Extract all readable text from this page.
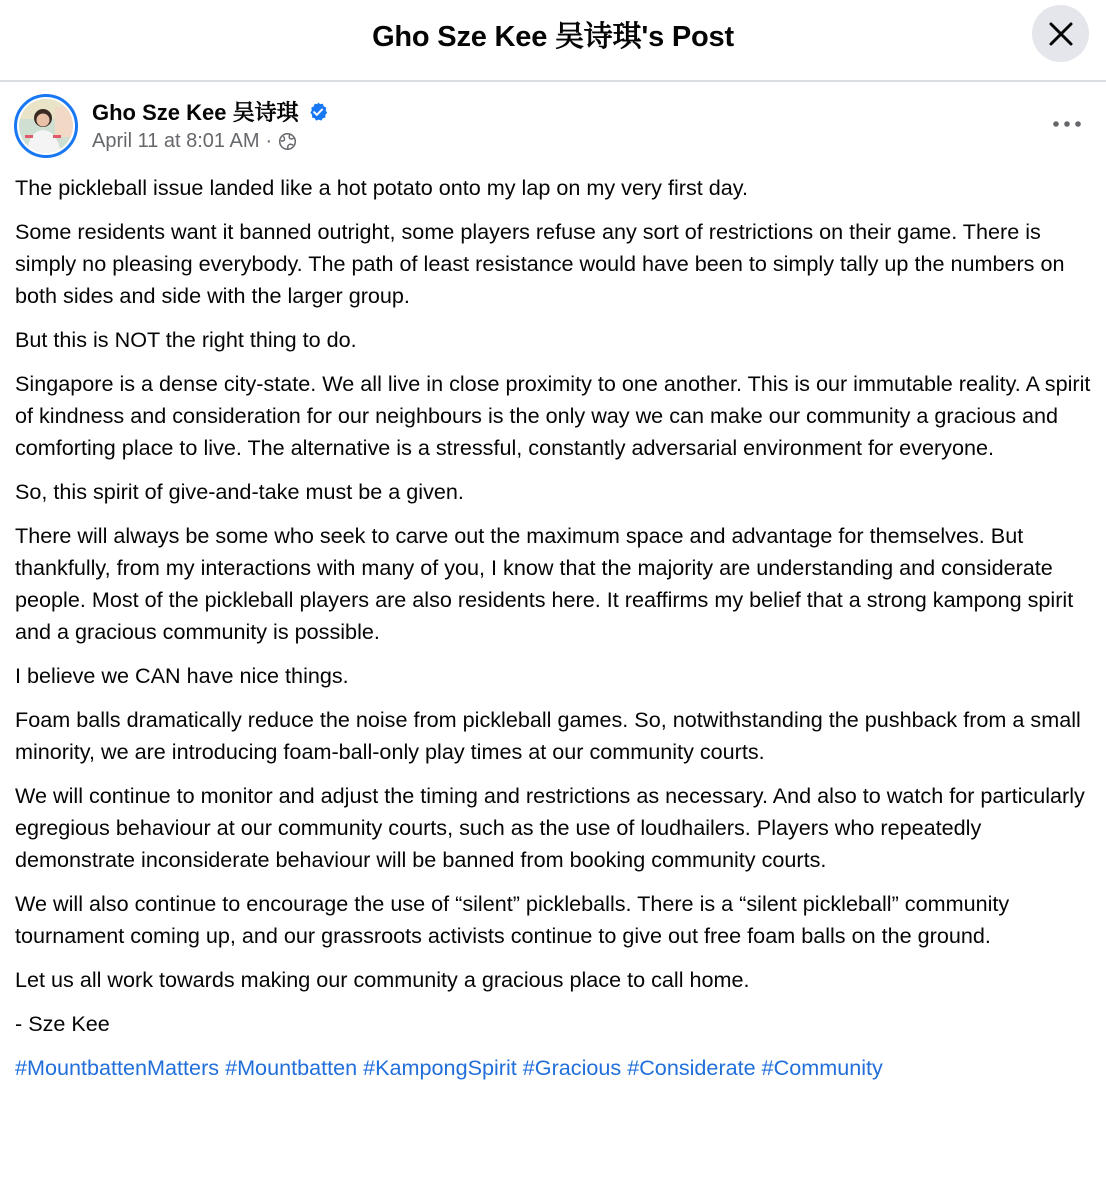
Gho Sze Kee 吴诗琪's Post
Gho Sze Kee 吴诗琪
April 11 at 8:01 AM ·

The pickleball issue landed like a hot potato onto my lap on my very first day.

Some residents want it banned outright, some players refuse any sort of restrictions on their game. There is simply no pleasing everybody. The path of least resistance would have been to simply tally up the numbers on both sides and side with the larger group.

But this is NOT the right thing to do.

Singapore is a dense city-state. We all live in close proximity to one another. This is our immutable reality. A spirit of kindness and consideration for our neighbours is the only way we can make our community a gracious and comforting place to live. The alternative is a stressful, constantly adversarial environment for everyone.

So, this spirit of give-and-take must be a given.

There will always be some who seek to carve out the maximum space and advantage for themselves. But thankfully, from my interactions with many of you, I know that the majority are understanding and considerate people. Most of the pickleball players are also residents here. It reaffirms my belief that a strong kampong spirit and a gracious community is possible.

I believe we CAN have nice things.

Foam balls dramatically reduce the noise from pickleball games. So, notwithstanding the pushback from a small minority, we are introducing foam-ball-only play times at our community courts.

We will continue to monitor and adjust the timing and restrictions as necessary. And also to watch for particularly egregious behaviour at our community courts, such as the use of loudhailers. Players who repeatedly demonstrate inconsiderate behaviour will be banned from booking community courts.

We will also continue to encourage the use of “silent” pickleballs. There is a “silent pickleball” community tournament coming up, and our grassroots activists continue to give out free foam balls on the ground.

Let us all work towards making our community a gracious place to call home.

- Sze Kee

#MountbattenMatters #Mountbatten #KampongSpirit #Gracious #Considerate #Community
